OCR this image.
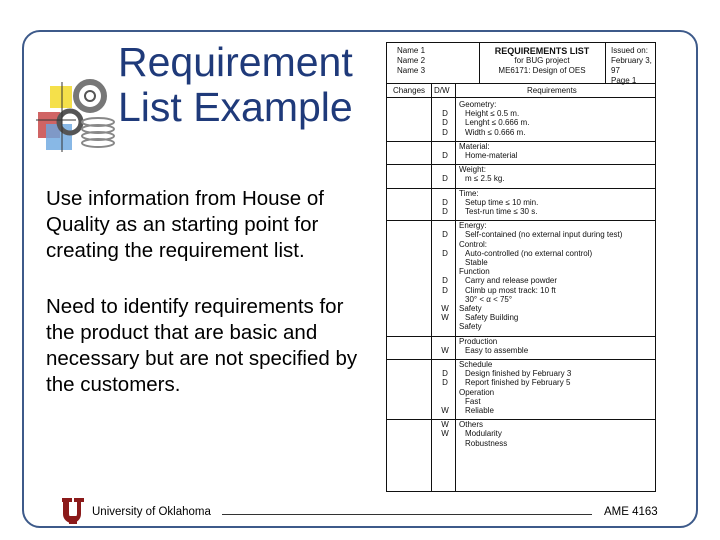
Requirement
List Example

Use information from House of Quality as an starting point for creating the requirement list.

Need to identify requirements for the product that are basic and necessary but are not specified by the customers.

Name 1
Name 2
Name 3
REQUIREMENTS LIST
for BUG project
ME6171: Design of OES
Issued on:
February 3, 97
Page 1
Changes D/W	Requirements
Geometry:
Height ≤ 0.5 m.
Lenght ≤ 0.666 m.
Width ≤ 0.666 m.
D
D
D
Material:
Home-material
D
Weight:
m ≤ 2.5 kg.
D
Time:
Setup time ≤ 10 min.
Test-run time ≤ 30 s.
D
D
Energy:
Self-contained (no external input during test)
Control:
Auto-controlled (no external control)
Stable
Function
Carry and release powder
Climb up most track: 10 ft
30° < α < 75°
Safety
Safety Building
Safety
D
D
D
D
W
W
Production
Easy to assemble
W
Schedule
Design finished by February 3
Report finished by February 5
Operation
Fast
Reliable
D
D
W
Others
Modularity
Robustness
W
W
University of Oklahoma	AME 4163
